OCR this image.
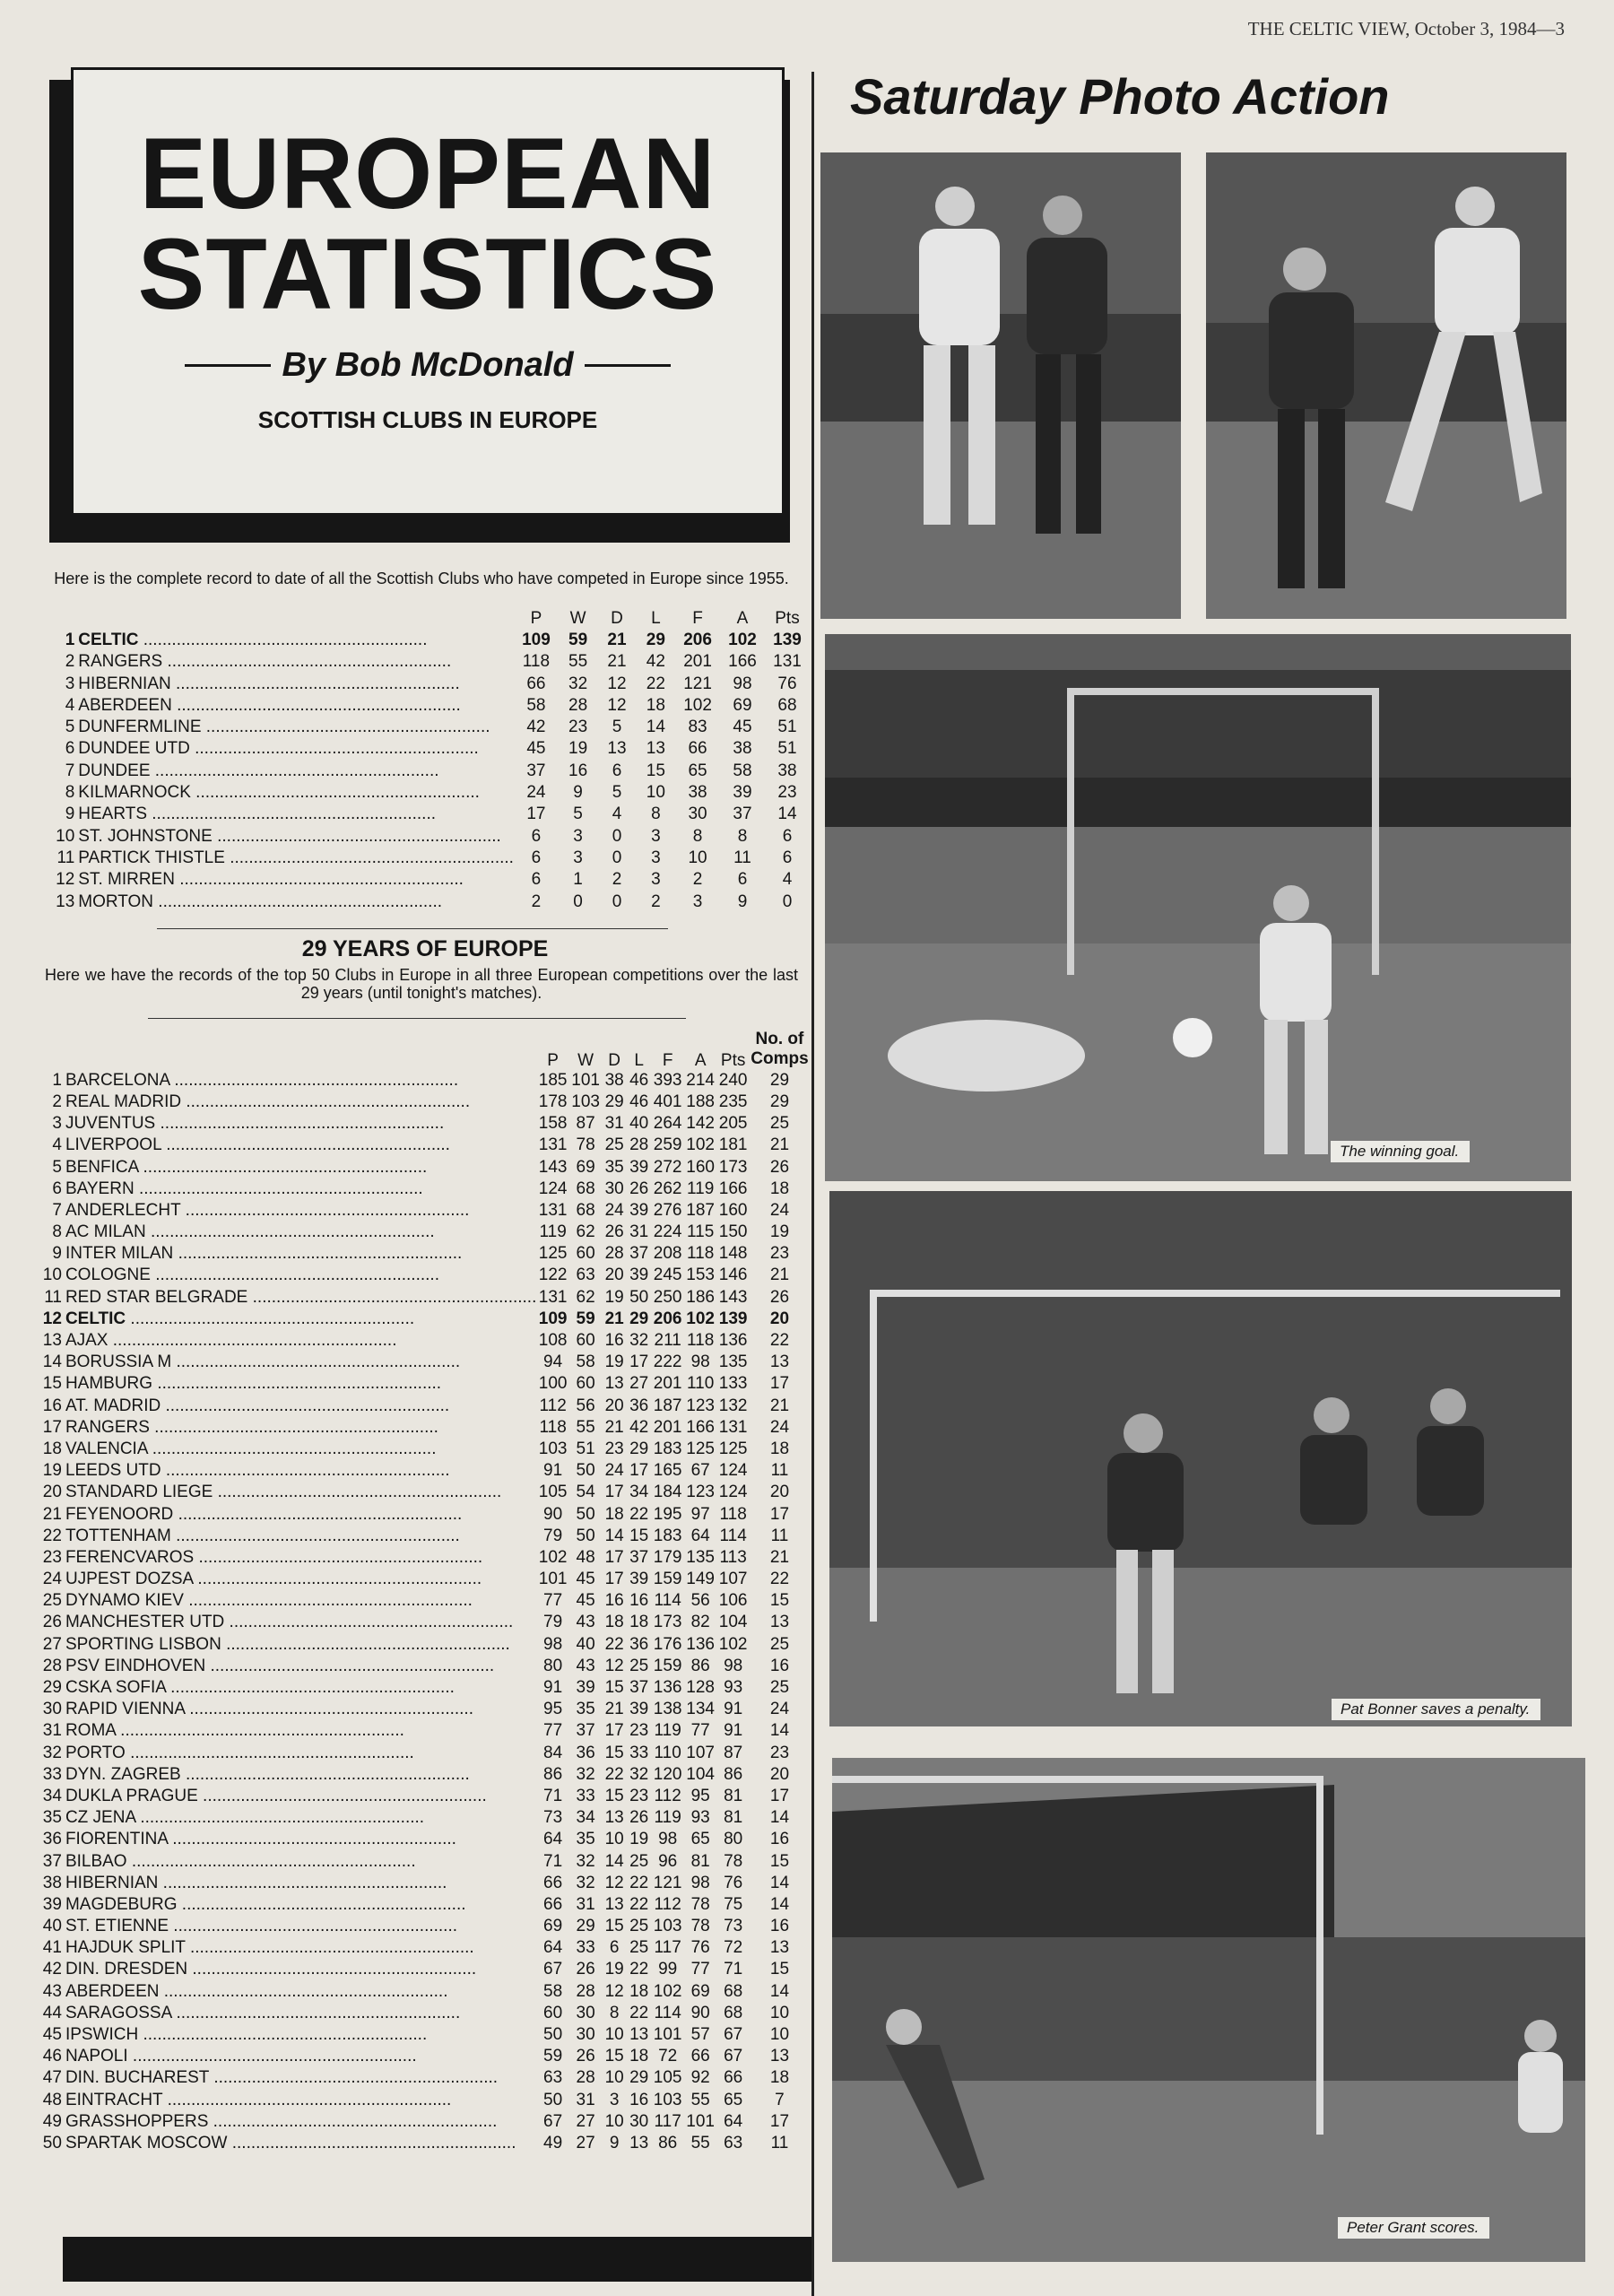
THE CELTIC VIEW, October 3, 1984—3
EUROPEAN
STATISTICS
By Bob McDonald
SCOTTISH CLUBS IN EUROPE
Here is the complete record to date of all the Scottish Clubs who have competed in Europe since 1955.
		P	W	D	L	F	A	Pts
1	CELTIC ............................................................	109	59	21	29	206	102	139
2	RANGERS ............................................................	118	55	21	42	201	166	131
3	HIBERNIAN ............................................................	66	32	12	22	121	98	76
4	ABERDEEN ............................................................	58	28	12	18	102	69	68
5	DUNFERMLINE ............................................................	42	23	5	14	83	45	51
6	DUNDEE UTD ............................................................	45	19	13	13	66	38	51
7	DUNDEE ............................................................	37	16	6	15	65	58	38
8	KILMARNOCK ............................................................	24	9	5	10	38	39	23
9	HEARTS ............................................................	17	5	4	8	30	37	14
10	ST. JOHNSTONE ............................................................	6	3	0	3	8	8	6
11	PARTICK THISTLE ............................................................	6	3	0	3	10	11	6
12	ST. MIRREN ............................................................	6	1	2	3	2	6	4
13	MORTON ............................................................	2	0	0	2	3	9	0
29 YEARS OF EUROPE
Here we have the records of the top 50 Clubs in Europe in all three European competitions over the last 29 years (until tonight's matches).
		P	W	D	L	F	A	Pts	No. of
Comps

1	BARCELONA ............................................................	185	101	38	46	393	214	240	29
2	REAL MADRID ............................................................	178	103	29	46	401	188	235	29
3	JUVENTUS ............................................................	158	87	31	40	264	142	205	25
4	LIVERPOOL ............................................................	131	78	25	28	259	102	181	21
5	BENFICA ............................................................	143	69	35	39	272	160	173	26
6	BAYERN ............................................................	124	68	30	26	262	119	166	18
7	ANDERLECHT ............................................................	131	68	24	39	276	187	160	24
8	AC MILAN ............................................................	119	62	26	31	224	115	150	19
9	INTER MILAN ............................................................	125	60	28	37	208	118	148	23
10	COLOGNE ............................................................	122	63	20	39	245	153	146	21
11	RED STAR BELGRADE ............................................................	131	62	19	50	250	186	143	26
12	CELTIC ............................................................	109	59	21	29	206	102	139	20
13	AJAX ............................................................	108	60	16	32	211	118	136	22
14	BORUSSIA M ............................................................	94	58	19	17	222	98	135	13
15	HAMBURG ............................................................	100	60	13	27	201	110	133	17
16	AT. MADRID ............................................................	112	56	20	36	187	123	132	21
17	RANGERS ............................................................	118	55	21	42	201	166	131	24
18	VALENCIA ............................................................	103	51	23	29	183	125	125	18
19	LEEDS UTD ............................................................	91	50	24	17	165	67	124	11
20	STANDARD LIEGE ............................................................	105	54	17	34	184	123	124	20
21	FEYENOORD ............................................................	90	50	18	22	195	97	118	17
22	TOTTENHAM ............................................................	79	50	14	15	183	64	114	11
23	FERENCVAROS ............................................................	102	48	17	37	179	135	113	21
24	UJPEST DOZSA ............................................................	101	45	17	39	159	149	107	22
25	DYNAMO KIEV ............................................................	77	45	16	16	114	56	106	15
26	MANCHESTER UTD ............................................................	79	43	18	18	173	82	104	13
27	SPORTING LISBON ............................................................	98	40	22	36	176	136	102	25
28	PSV EINDHOVEN ............................................................	80	43	12	25	159	86	98	16
29	CSKA SOFIA ............................................................	91	39	15	37	136	128	93	25
30	RAPID VIENNA ............................................................	95	35	21	39	138	134	91	24
31	ROMA ............................................................	77	37	17	23	119	77	91	14
32	PORTO ............................................................	84	36	15	33	110	107	87	23
33	DYN. ZAGREB ............................................................	86	32	22	32	120	104	86	20
34	DUKLA PRAGUE ............................................................	71	33	15	23	112	95	81	17
35	CZ JENA ............................................................	73	34	13	26	119	93	81	14
36	FIORENTINA ............................................................	64	35	10	19	98	65	80	16
37	BILBAO ............................................................	71	32	14	25	96	81	78	15
38	HIBERNIAN ............................................................	66	32	12	22	121	98	76	14
39	MAGDEBURG ............................................................	66	31	13	22	112	78	75	14
40	ST. ETIENNE ............................................................	69	29	15	25	103	78	73	16
41	HAJDUK SPLIT ............................................................	64	33	6	25	117	76	72	13
42	DIN. DRESDEN ............................................................	67	26	19	22	99	77	71	15
43	ABERDEEN ............................................................	58	28	12	18	102	69	68	14
44	SARAGOSSA ............................................................	60	30	8	22	114	90	68	10
45	IPSWICH ............................................................	50	30	10	13	101	57	67	10
46	NAPOLI ............................................................	59	26	15	18	72	66	67	13
47	DIN. BUCHAREST ............................................................	63	28	10	29	105	92	66	18
48	EINTRACHT ............................................................	50	31	3	16	103	55	65	7
49	GRASSHOPPERS ............................................................	67	27	10	30	117	101	64	17
50	SPARTAK MOSCOW ............................................................	49	27	9	13	86	55	63	11
Saturday Photo Action
The winning goal.
Pat Bonner saves a penalty.
Peter Grant scores.
